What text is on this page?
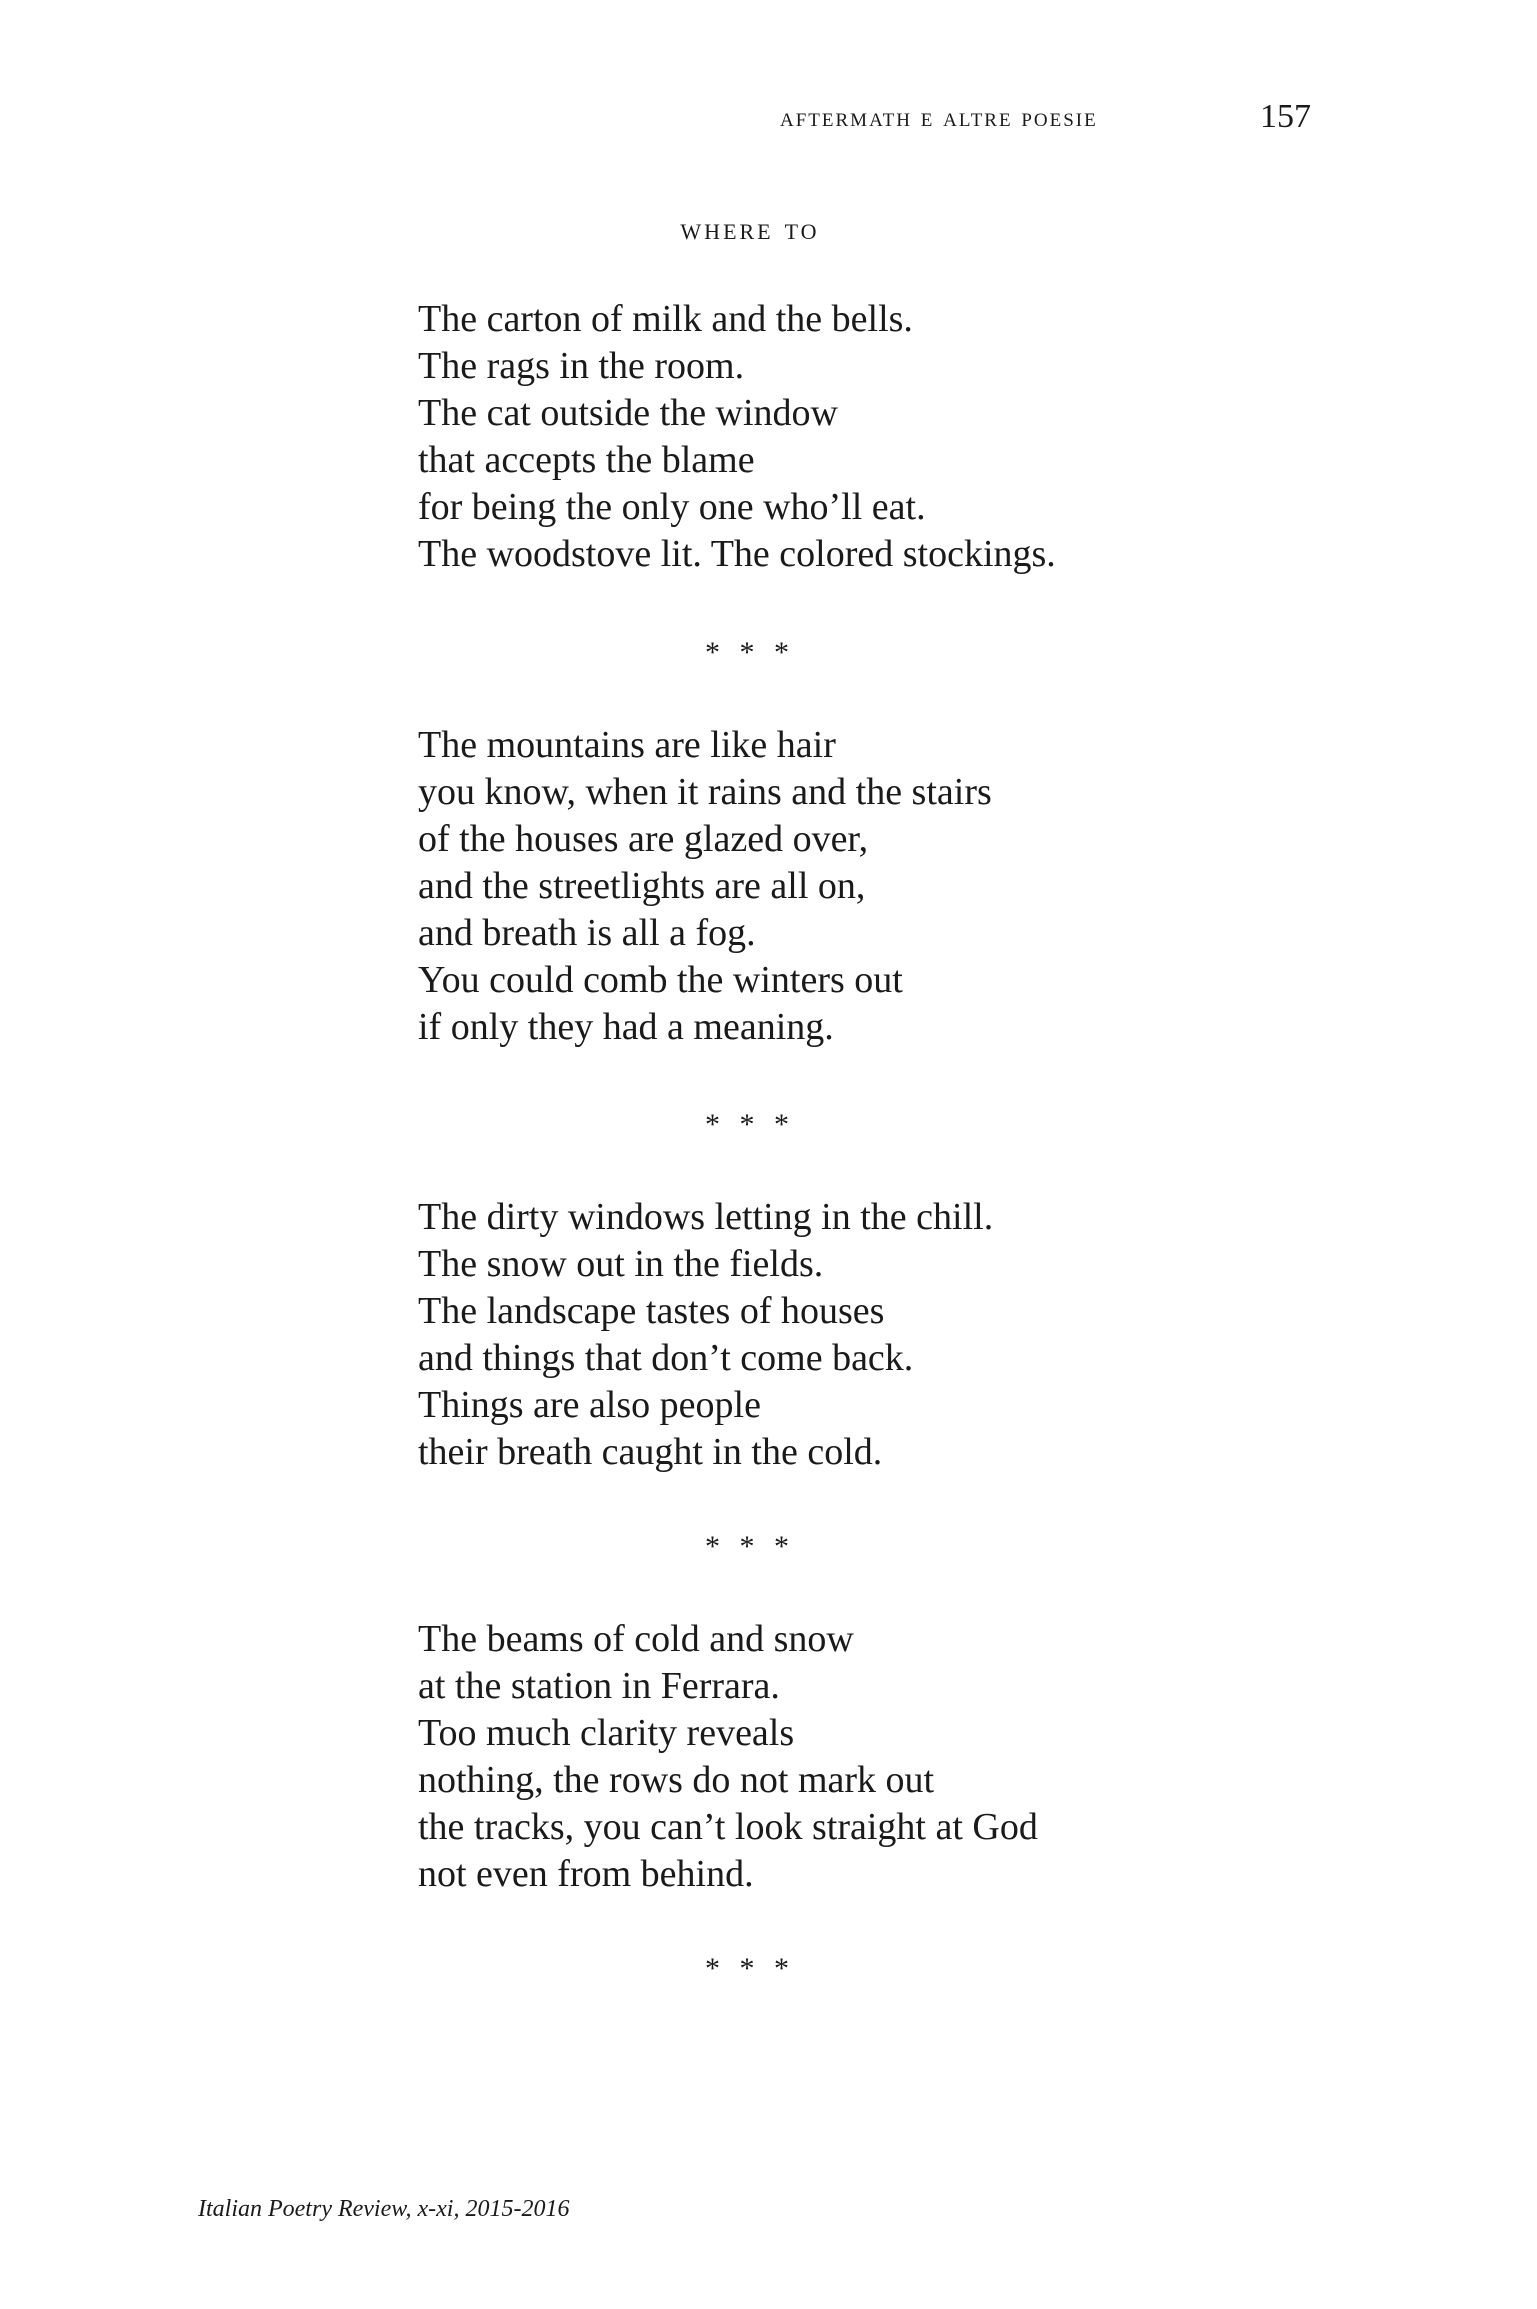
aftermath e altre poesie	157
where to
The carton of milk and the bells.
The rags in the room.
The cat outside the window
that accepts the blame
for being the only one who’ll eat.
The woodstove lit. The colored stockings.
* * *
The mountains are like hair
you know, when it rains and the stairs
of the houses are glazed over,
and the streetlights are all on,
and breath is all a fog.
You could comb the winters out
if only they had a meaning.
* * *
The dirty windows letting in the chill.
The snow out in the fields.
The landscape tastes of houses
and things that don’t come back.
Things are also people
their breath caught in the cold.
* * *
The beams of cold and snow
at the station in Ferrara.
Too much clarity reveals
nothing, the rows do not mark out
the tracks, you can’t look straight at God
not even from behind.
* * *
Italian Poetry Review, x-xi, 2015-2016
